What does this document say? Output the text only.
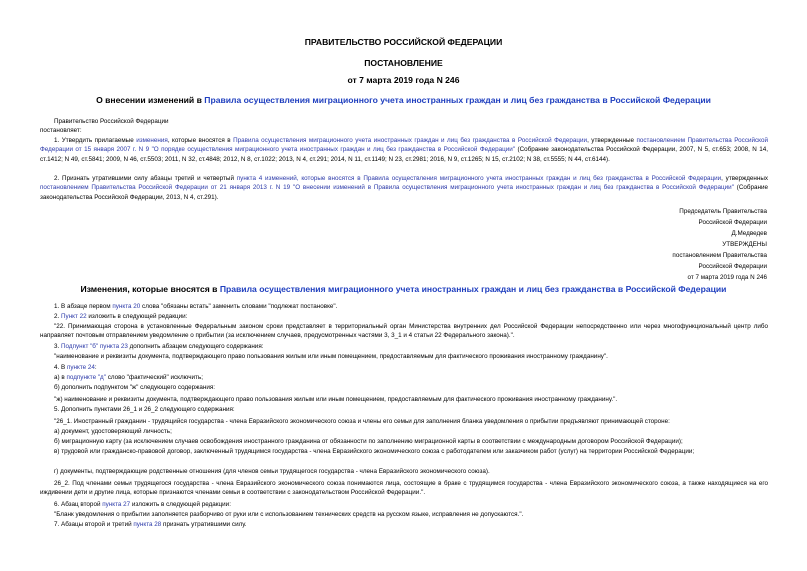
ПРАВИТЕЛЬСТВО РОССИЙСКОЙ ФЕДЕРАЦИИ
ПОСТАНОВЛЕНИЕ
от 7 марта 2019 года N 246
О внесении изменений в Правила осуществления миграционного учета иностранных граждан и лиц без гражданства в Российской Федерации
Правительство Российской Федерации
постановляет:
1. Утвердить прилагаемые изменения, которые вносятся в Правила осуществления миграционного учета иностранных граждан и лиц без гражданства в Российской Федерации, утвержденные постановлением Правительства Российской Федерации от 15 января 2007 г. N 9 "О порядке осуществления миграционного учета иностранных граждан и лиц без гражданства в Российской Федерации" (Собрание законодательства Российской Федерации, 2007, N 5, ст.653; 2008, N 14, ст.1412; N 49, ст.5841; 2009, N 46, ст.5503; 2011, N 32, ст.4848; 2012, N 8, ст.1022; 2013, N 4, ст.291; 2014, N 11, ст.1149; N 23, ст.2981; 2016, N 9, ст.1265; N 15, ст.2102; N 38, ст.5555; N 44, ст.6144).
2. Признать утратившими силу абзацы третий и четвертый пункта 4 изменений, которые вносятся в Правила осуществления миграционного учета иностранных граждан и лиц без гражданства в Российской Федерации, утвержденных постановлением Правительства Российской Федерации от 21 января 2013 г. N 19 "О внесении изменений в Правила осуществления миграционного учета иностранных граждан и лиц без гражданства в Российской Федерации" (Собрание законодательства Российской Федерации, 2013, N 4, ст.291).
Председатель Правительства
Российской Федерации
Д.Медведев
УТВЕРЖДЕНЫ
постановлением Правительства
Российской Федерации
от 7 марта 2019 года N 246
Изменения, которые вносятся в Правила осуществления миграционного учета иностранных граждан и лиц без гражданства в Российской Федерации
1. В абзаце первом пункта 20 слова "обязаны встать" заменить словами "подлежат постановке".
2. Пункт 22 изложить в следующей редакции:
"22. Принимающая сторона в установленные Федеральным законом сроки представляет в территориальный орган Министерства внутренних дел Российской Федерации непосредственно или через многофункциональный центр либо направляет почтовым отправлением уведомление о прибытии (за исключением случаев, предусмотренных частями 3, 3_1 и 4 статьи 22 Федерального закона).".
3. Подпункт "б" пункта 23 дополнить абзацем следующего содержания:
"наименование и реквизиты документа, подтверждающего право пользования жилым или иным помещением, предоставляемым для фактического проживания иностранному гражданину".
4. В пункте 24:
а) в подпункте "д" слово "фактический" исключить;
б) дополнить подпунктом "ж" следующего содержания:
"ж) наименование и реквизиты документа, подтверждающего право пользования жилым или иным помещением, предоставляемым для фактического проживания иностранному гражданину.".
5. Дополнить пунктами 26_1 и 26_2 следующего содержания:
"26_1. Иностранный гражданин - трудящийся государства - члена Евразийского экономического союза и члены его семьи для заполнения бланка уведомления о прибытии предъявляют принимающей стороне:
а) документ, удостоверяющий личность;
б) миграционную карту (за исключением случаев освобождения иностранного гражданина от обязанности по заполнению миграционной карты в соответствии с международным договором Российской Федерации);
в) трудовой или гражданско-правовой договор, заключенный трудящимся государства - члена Евразийского экономического союза с работодателем или заказчиком работ (услуг) на территории Российской Федерации;
г) документы, подтверждающие родственные отношения (для членов семьи трудящегося государства - члена Евразийского экономического союза).
26_2. Под членами семьи трудящегося государства - члена Евразийского экономического союза понимаются лица, состоящие в браке с трудящимся государства - члена Евразийского экономического союза, а также находящиеся на его иждивении дети и другие лица, которые признаются членами семьи в соответствии с законодательством Российской Федерации.".
6. Абзац второй пункта 27 изложить в следующей редакции:
"Бланк уведомления о прибытии заполняется разборчиво от руки или с использованием технических средств на русском языке, исправления не допускаются.".
7. Абзацы второй и третий пункта 28 признать утратившими силу.
